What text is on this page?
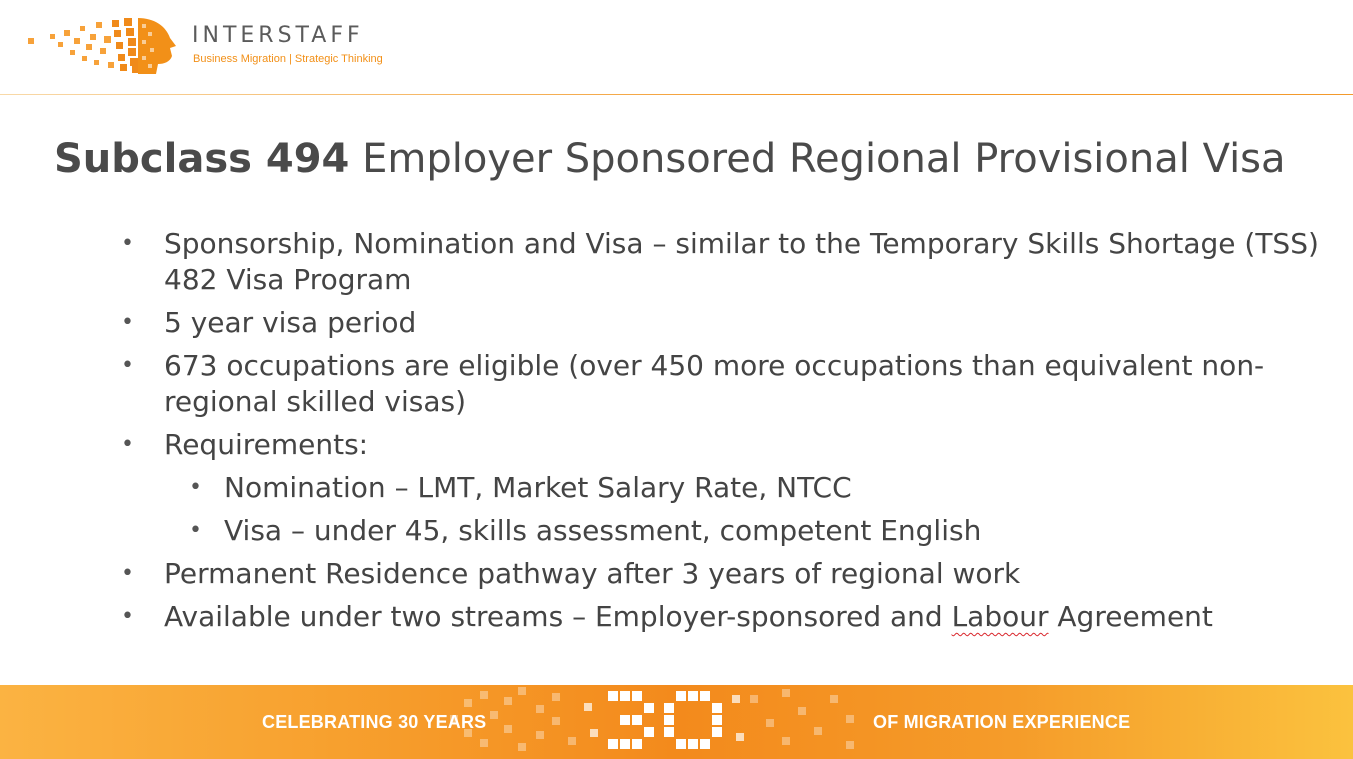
INTERSTAFF
Business Migration | Strategic Thinking
Subclass 494 Employer Sponsored Regional Provisional Visa
• Sponsorship, Nomination and Visa – similar to the Temporary Skills Shortage (TSS) 482 Visa Program
• 5 year visa period
• 673 occupations are eligible (over 450 more occupations than equivalent non-regional skilled visas)
• Requirements:
• Nomination – LMT, Market Salary Rate, NTCC
• Visa – under 45, skills assessment, competent English
• Permanent Residence pathway after 3 years of regional work
• Available under two streams – Employer-sponsored and Labour Agreement
CELEBRATING 30 YEARS	OF MIGRATION EXPERIENCE
